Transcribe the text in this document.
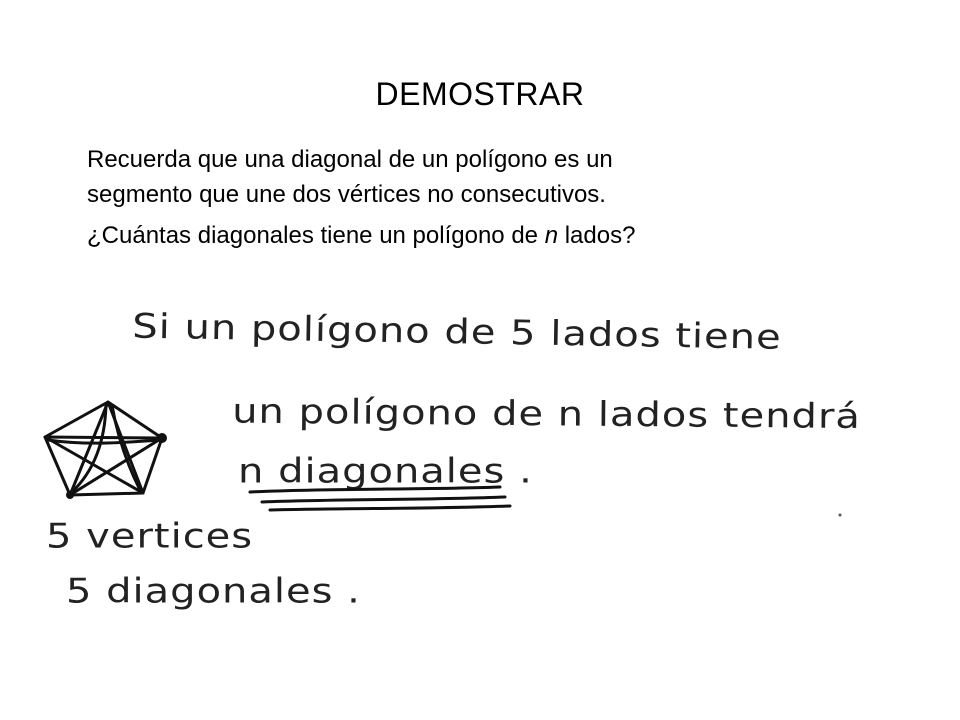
DEMOSTRAR

Recuerda que una diagonal de un polígono es un

segmento que une dos vértices no consecutivos.

¿Cuántas diagonales tiene un polígono de n lados?

Si un polígono de 5 lados tiene
un polígono de n lados tendrá
n diagonales .
5 vertices
5 diagonales .
